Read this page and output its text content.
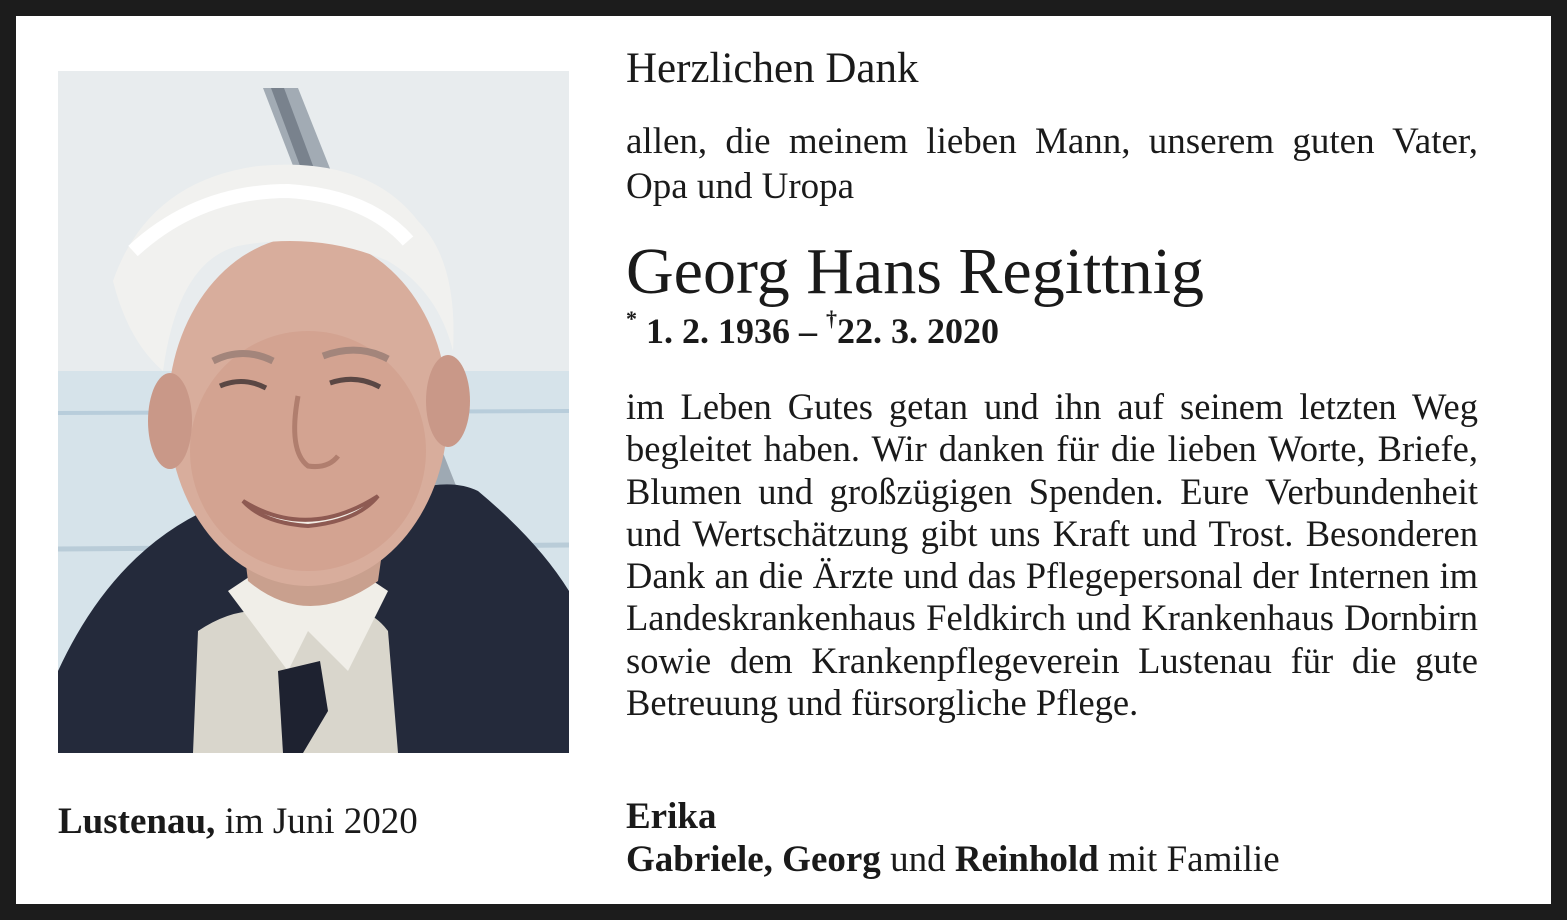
Lustenau, im Juni 2020
Herzlichen Dank
allen, die meinem lieben Mann, unserem guten Vater, Opa und Uropa
Georg Hans Regittnig
* 1. 2. 1936 – †22. 3. 2020
im Leben Gutes getan und ihn auf seinem letzten Weg begleitet haben. Wir danken für die lieben Worte, Briefe, Blumen und großzügigen Spenden. Eure Verbundenheit und Wertschätzung gibt uns Kraft und Trost. Besonderen Dank an die Ärzte und das Pflegepersonal der Internen im Landeskrankenhaus Feldkirch und Krankenhaus Dornbirn sowie dem Krankenpflegeverein Lustenau für die gute Betreuung und fürsorgliche Pflege.
Erika
Gabriele, Georg und Reinhold mit Familie
